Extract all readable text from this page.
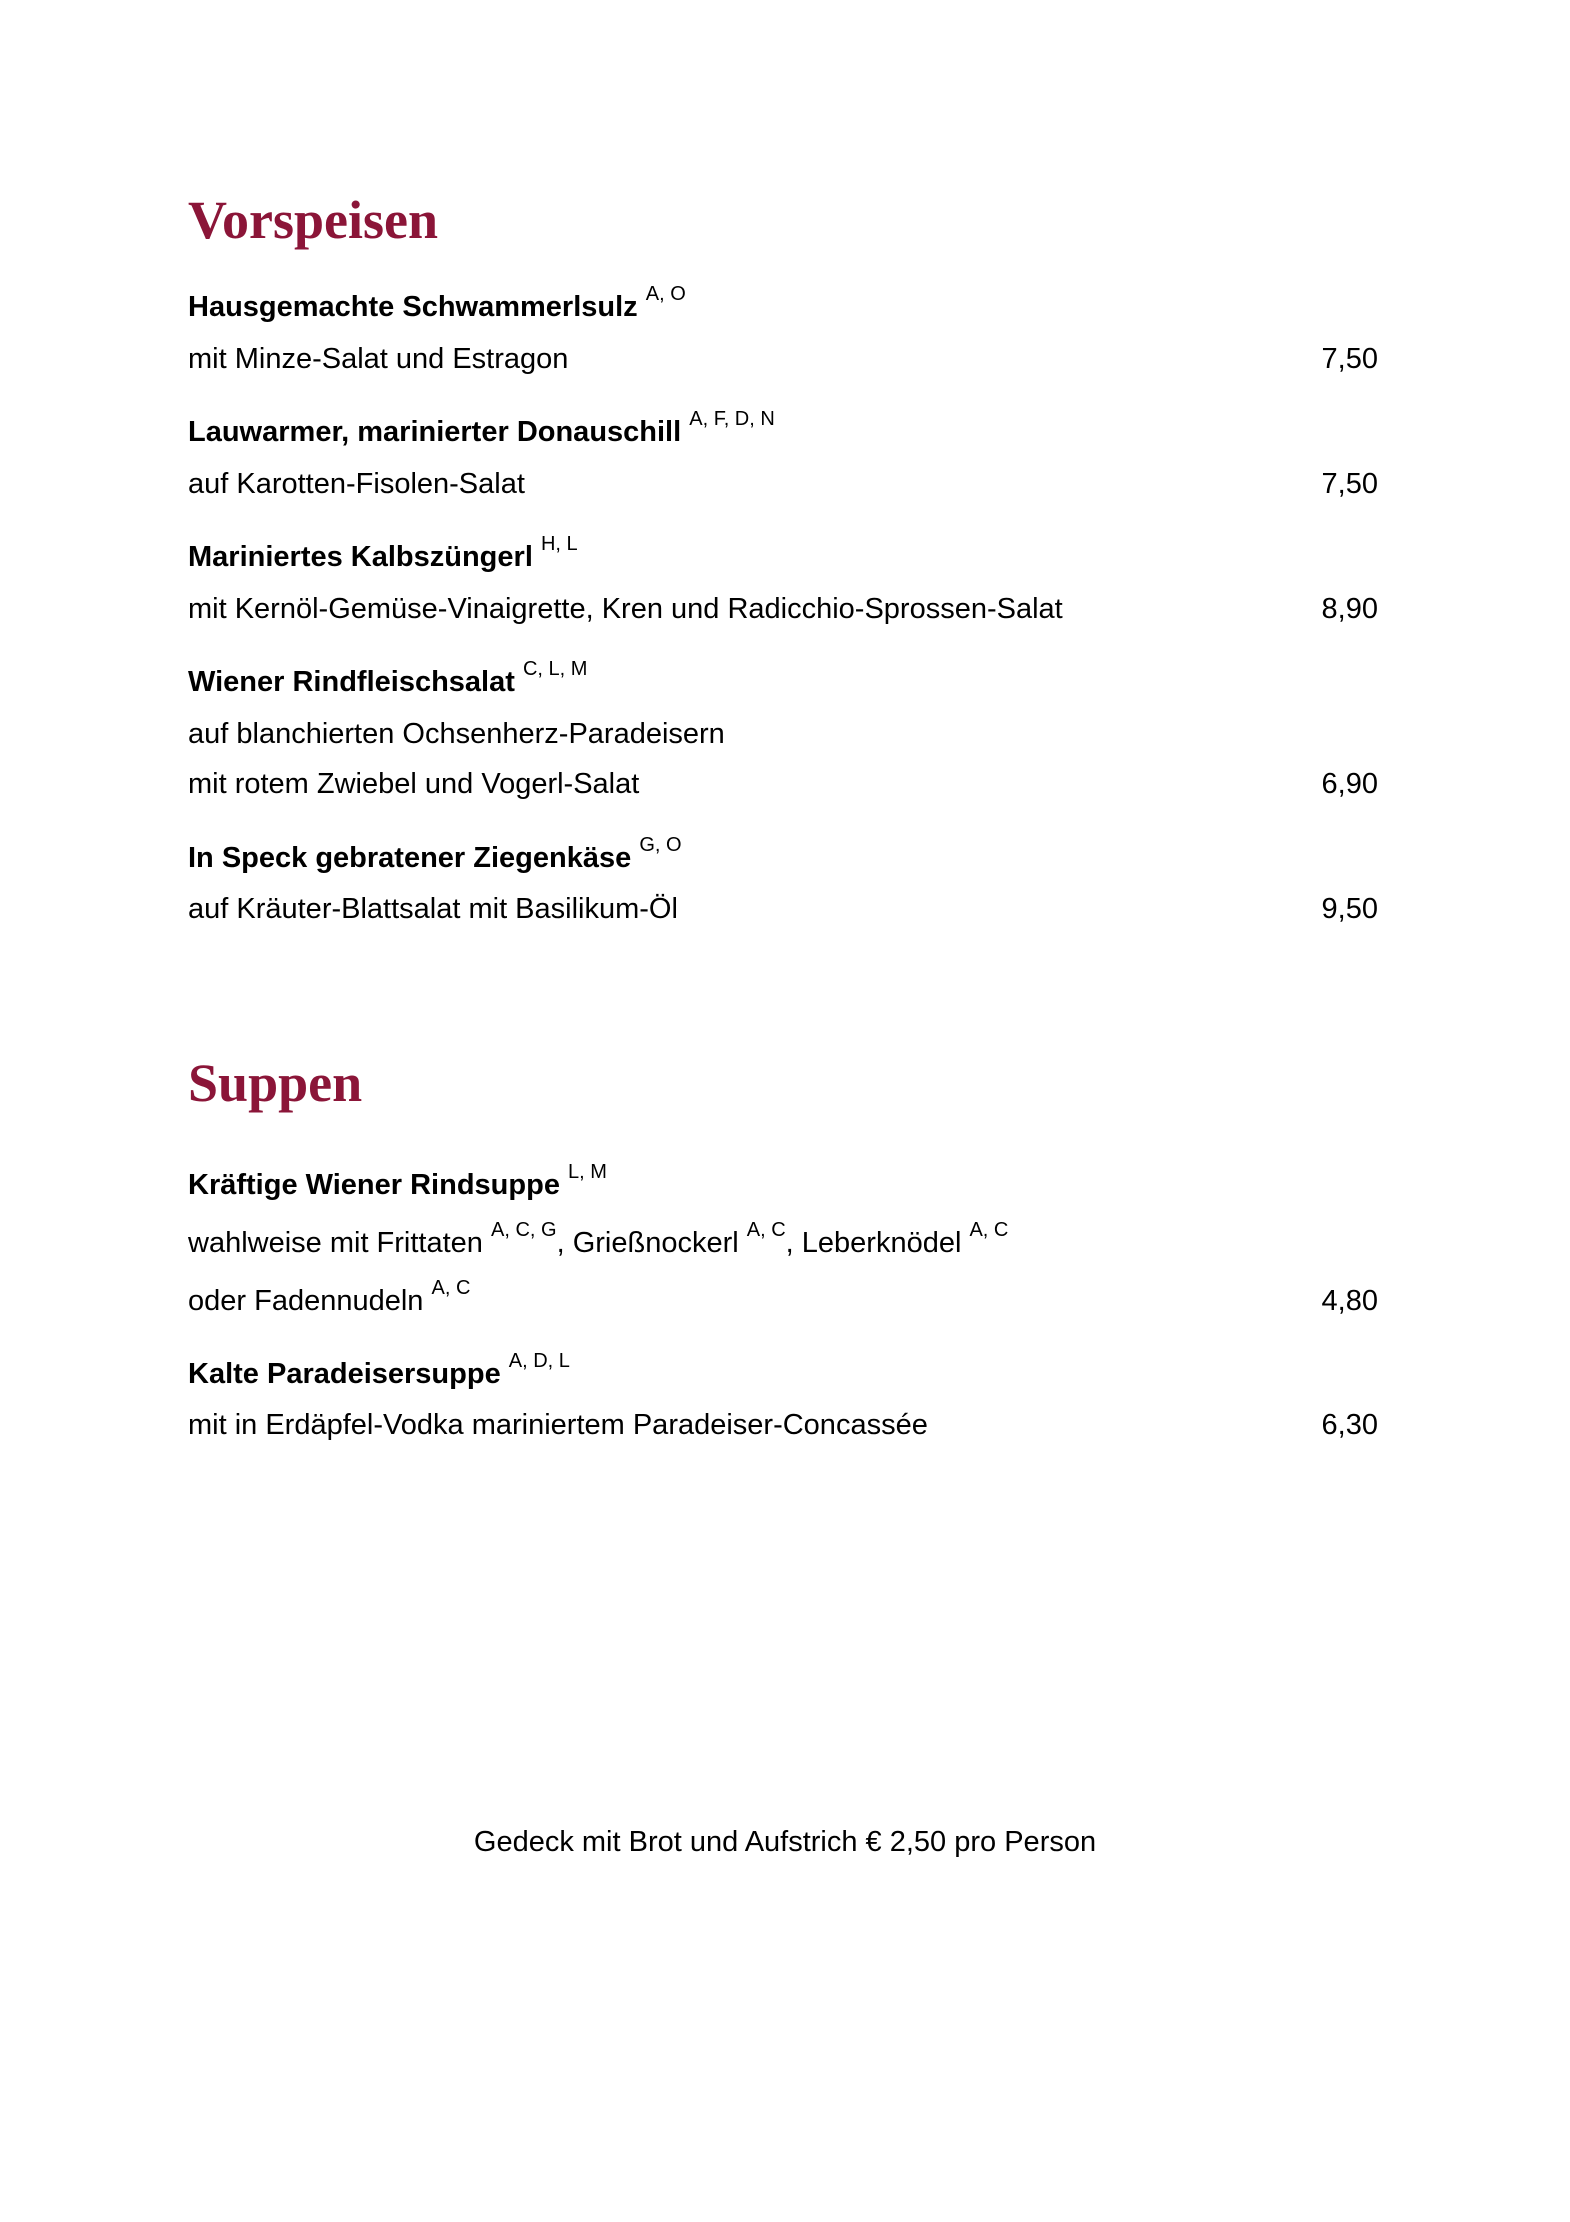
Vorspeisen
Hausgemachte Schwammerlsulz $^{A, O}$
mit Minze-Salat und Estragon	7,50
Lauwarmer, marinierter Donauschill $^{A, F, D, N}$
auf Karotten-Fisolen-Salat	7,50
Mariniertes Kalbszüngerl $^{H, L}$
mit Kernöl-Gemüse-Vinaigrette, Kren und Radicchio-Sprossen-Salat	8,90
Wiener Rindfleischsalat $^{C, L, M}$
auf blanchierten Ochsenherz-Paradeisern
mit rotem Zwiebel und Vogerl-Salat	6,90
In Speck gebratener Ziegenkäse $^{G, O}$
auf Kräuter-Blattsalat mit Basilikum-Öl	9,50
Suppen
Kräftige Wiener Rindsuppe $^{L, M}$
wahlweise mit Frittaten $^{A, C, G}$, Grießnockerl $^{A, C}$, Leberknödel $^{A, C}$
oder Fadennudeln $^{A, C}$	4,80
Kalte Paradeisersuppe $^{A, D, L}$
mit in Erdäpfel-Vodka mariniertem Paradeiser-Concassée	6,30
Gedeck mit Brot und Aufstrich € 2,50 pro Person
